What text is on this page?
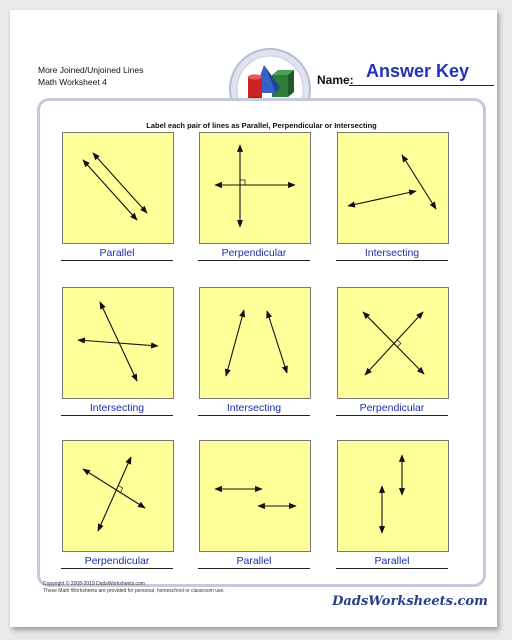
More Joined/Unjoined Lines
Math Worksheet 4
Answer Key
Name:
Label each pair of lines as Parallel, Perpendicular or Intersecting
Copyright © 2008-2019 DadsWorksheets.com
These Math Worksheets are provided for personal, homeschool or classroom use.
DadsWorksheets.com
Parallel	Perpendicular	Intersecting
Intersecting	Intersecting	Perpendicular
Perpendicular	Parallel	Parallel
